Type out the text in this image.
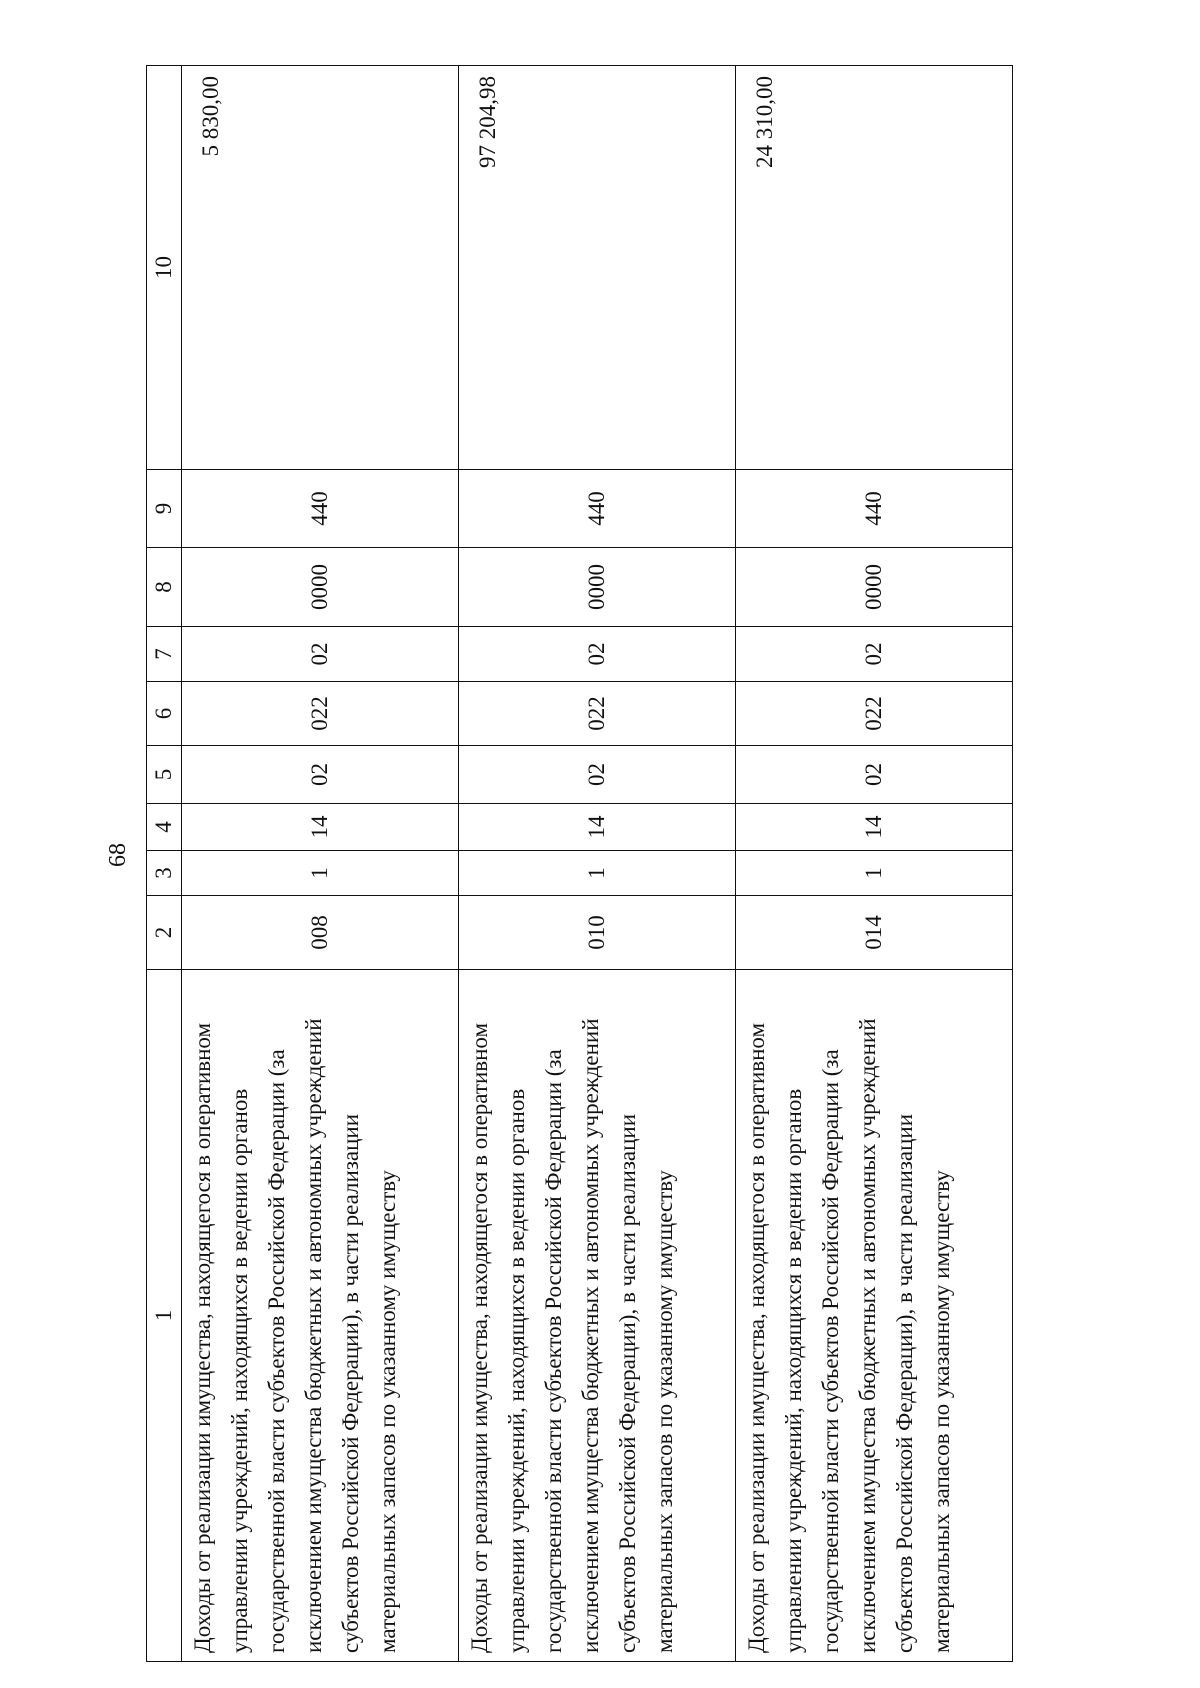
68
1	2	3	4	5	6	7	8	9	10
Доходы от реализации имущества, находящегося в оперативном управлении учреждений, находящихся в ведении органов государственной власти субъектов Российской Федерации (за исключением имущества бюджетных и автономных учреждений субъектов Российской Федерации), в части реализации материальных запасов по указанному имуществу	008	1	14	02	022	02	0000	440	5 830,00
Доходы от реализации имущества, находящегося в оперативном управлении учреждений, находящихся в ведении органов государственной власти субъектов Российской Федерации (за исключением имущества бюджетных и автономных учреждений субъектов Российской Федерации), в части реализации материальных запасов по указанному имуществу	010	1	14	02	022	02	0000	440	97 204,98
Доходы от реализации имущества, находящегося в оперативном управлении учреждений, находящихся в ведении органов государственной власти субъектов Российской Федерации (за исключением имущества бюджетных и автономных учреждений субъектов Российской Федерации), в части реализации материальных запасов по указанному имуществу	014	1	14	02	022	02	0000	440	24 310,00
